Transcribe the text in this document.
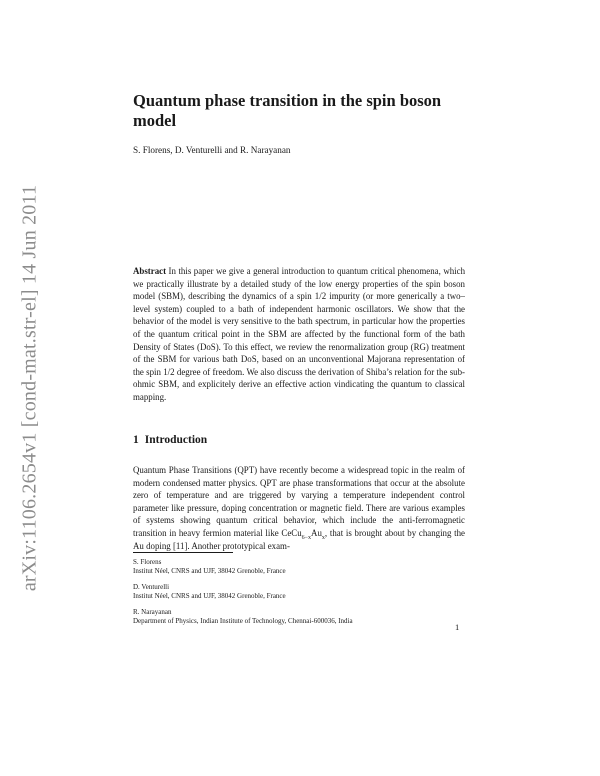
arXiv:1106.2654v1 [cond-mat.str-el] 14 Jun 2011
Quantum phase transition in the spin boson model
S. Florens, D. Venturelli and R. Narayanan
Abstract In this paper we give a general introduction to quantum critical phenomena, which we practically illustrate by a detailed study of the low energy properties of the spin boson model (SBM), describing the dynamics of a spin 1/2 impurity (or more generically a two–level system) coupled to a bath of independent harmonic oscillators. We show that the behavior of the model is very sensitive to the bath spectrum, in particular how the properties of the quantum critical point in the SBM are affected by the functional form of the bath Density of States (DoS). To this effect, we review the renormalization group (RG) treatment of the SBM for various bath DoS, based on an unconventional Majorana representation of the spin 1/2 degree of freedom. We also discuss the derivation of Shiba’s relation for the sub-ohmic SBM, and explicitely derive an effective action vindicating the quantum to classical mapping.
1 Introduction
Quantum Phase Transitions (QPT) have recently become a widespread topic in the realm of modern condensed matter physics. QPT are phase transformations that occur at the absolute zero of temperature and are triggered by varying a temperature independent control parameter like pressure, doping concentration or magnetic field. There are various examples of systems showing quantum critical behavior, which include the anti-ferromagnetic transition in heavy fermion material like $CeCu_{6-x}Au_x$, that is brought about by changing the Au doping [11]. Another prototypical exam-
S. Florens
Institut Néel, CNRS and UJF, 38042 Grenoble, France
D. Venturelli
Institut Néel, CNRS and UJF, 38042 Grenoble, France
R. Narayanan
Department of Physics, Indian Institute of Technology, Chennai-600036, India
1
